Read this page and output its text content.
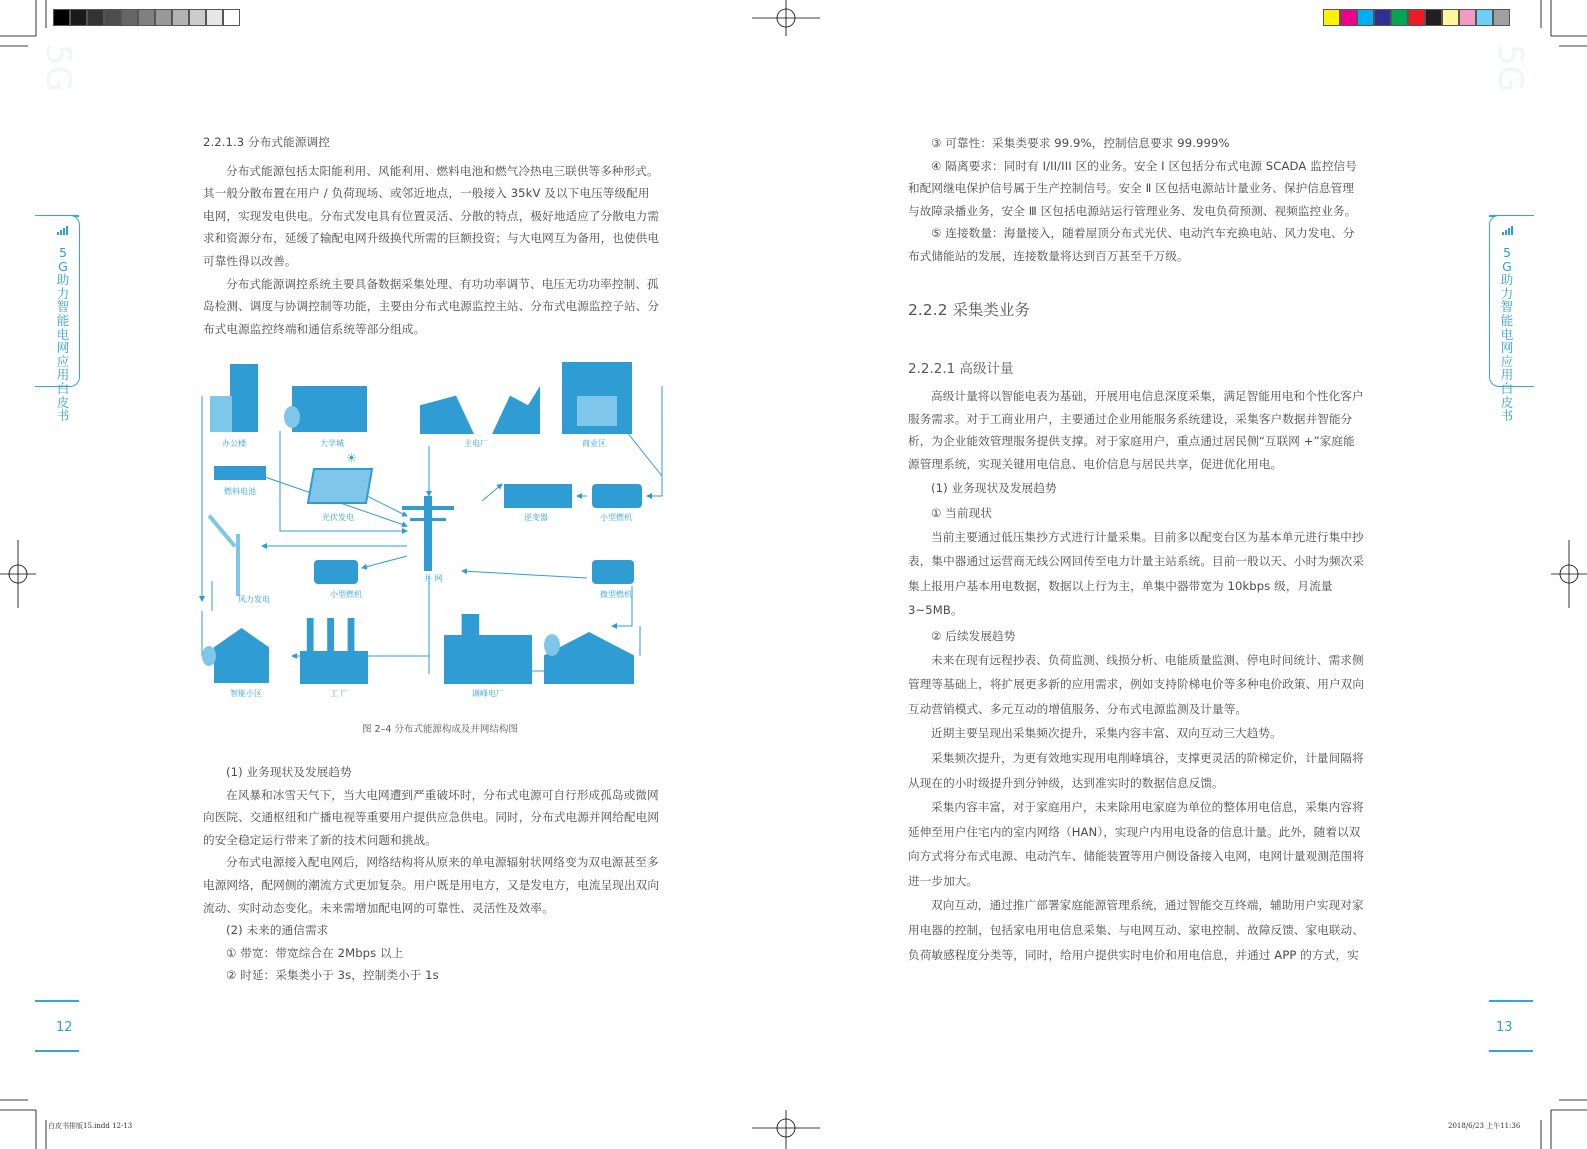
5G
5
G
助
力
智
能
电
网
应
用
白
皮
书
12
5G
5
G
助
力
智
能
电
网
应
用
白
皮
书
13

2.2.1.3 分布式能源调控

分布式能源包括太阳能利用、风能利用、燃料电池和燃气冷热电三联供等多种形式。其一般分散布置在用户 / 负荷现场、或邻近地点，一般接入 35kV 及以下电压等级配用电网，实现发电供电。分布式发电具有位置灵活、分散的特点，极好地适应了分散电力需求和资源分布，延缓了输配电网升级换代所需的巨额投资；与大电网互为备用，也使供电可靠性得以改善。

分布式能源调控系统主要具备数据采集处理、有功功率调节、电压无功功率控制、孤岛检测、调度与协调控制等功能，主要由分布式电源监控主站、分布式电源监控子站、分布式电源监控终端和通信系统等部分组成。

☀
办公楼	大学城	主电厂	商业区
燃料电池
光伏发电	逆变器	小型燃机
风力发电
小型燃机
并 网
微型燃机
智能小区	工 厂	调峰电厂
图 2–4 分布式能源构成及并网结构图

(1) 业务现状及发展趋势

在风暴和冰雪天气下，当大电网遭到严重破坏时，分布式电源可自行形成孤岛或微网向医院、交通枢纽和广播电视等重要用户提供应急供电。同时，分布式电源并网给配电网的安全稳定运行带来了新的技术问题和挑战。

分布式电源接入配电网后，网络结构将从原来的单电源辐射状网络变为双电源甚至多电源网络，配网侧的潮流方式更加复杂。用户既是用电方，又是发电方，电流呈现出双向流动、实时动态变化。未来需增加配电网的可靠性、灵活性及效率。

(2) 未来的通信需求

① 带宽：带宽综合在 2Mbps 以上

② 时延：采集类小于 3s，控制类小于 1s

③ 可靠性：采集类要求 99.9%，控制信息要求 99.999%

④ 隔离要求：同时有 I/II/III 区的业务。安全 I 区包括分布式电源 SCADA 监控信号和配网继电保护信号属于生产控制信号。安全 Ⅱ 区包括电源站计量业务、保护信息管理与故障录播业务，安全 Ⅲ 区包括电源站运行管理业务、发电负荷预测、视频监控业务。

⑤ 连接数量：海量接入，随着屋顶分布式光伏、电动汽车充换电站、风力发电、分布式储能站的发展，连接数量将达到百万甚至千万级。

2.2.2 采集类业务
2.2.2.1 高级计量

高级计量将以智能电表为基础，开展用电信息深度采集，满足智能用电和个性化客户服务需求。对于工商业用户，主要通过企业用能服务系统建设，采集客户数据并智能分析，为企业能效管理服务提供支撑。对于家庭用户，重点通过居民侧“互联网 +”家庭能源管理系统，实现关键用电信息、电价信息与居民共享，促进优化用电。

(1) 业务现状及发展趋势

① 当前现状

当前主要通过低压集抄方式进行计量采集。目前多以配变台区为基本单元进行集中抄表，集中器通过运营商无线公网回传至电力计量主站系统。目前一般以天、小时为频次采集上报用户基本用电数据，数据以上行为主，单集中器带宽为 10kbps 级，月流量 3~5MB。

② 后续发展趋势

未来在现有远程抄表、负荷监测、线损分析、电能质量监测、停电时间统计、需求侧管理等基础上，将扩展更多新的应用需求，例如支持阶梯电价等多种电价政策、用户双向互动营销模式、多元互动的增值服务、分布式电源监测及计量等。

近期主要呈现出采集频次提升，采集内容丰富、双向互动三大趋势。

采集频次提升，为更有效地实现用电削峰填谷，支撑更灵活的阶梯定价，计量间隔将从现在的小时级提升到分钟级，达到准实时的数据信息反馈。

采集内容丰富，对于家庭用户，未来除用电家庭为单位的整体用电信息，采集内容将延伸至用户住宅内的室内网络（HAN），实现户内用电设备的信息计量。此外，随着以双向方式将分布式电源、电动汽车、储能装置等用户侧设备接入电网，电网计量观测范围将进一步加大。

双向互动，通过推广部署家庭能源管理系统，通过智能交互终端，辅助用户实现对家用电器的控制，包括家电用电信息采集、与电网互动、家电控制、故障反馈、家电联动、负荷敏感程度分类等，同时，给用户提供实时电价和用电信息，并通过 APP 的方式，实

白皮书排版15.indd 12-13	2018/6/23 上午11:36
